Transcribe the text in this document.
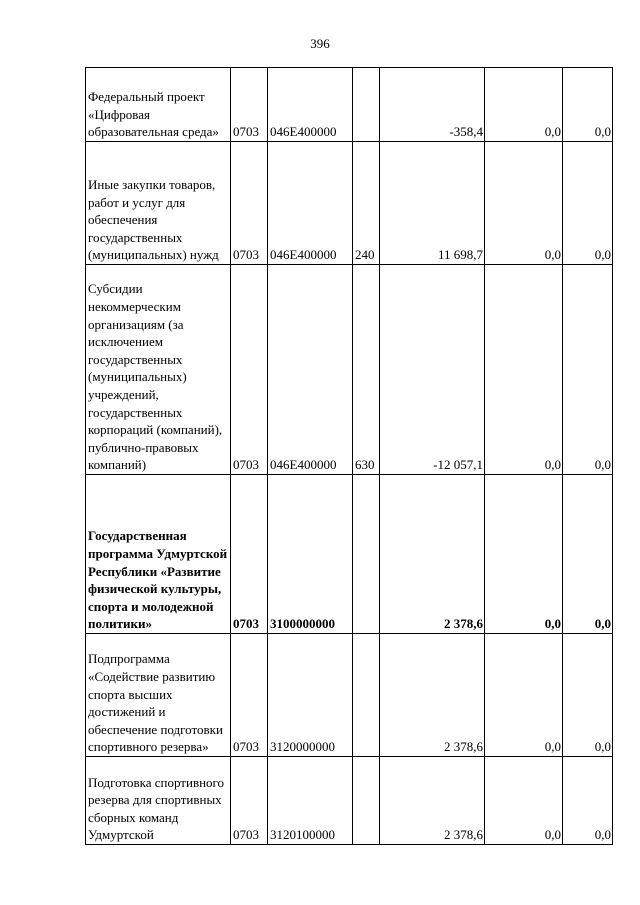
396
Федеральный проект «Цифровая образовательная среда»	0703	046E400000		-358,4	0,0	0,0
Иные закупки товаров, работ и услуг для обеспечения государственных (муниципальных) нужд	0703	046E400000	240	11 698,7	0,0	0,0
Субсидии некоммерческим организациям (за исключением государственных (муниципальных) учреждений, государственных корпораций (компаний), публично-правовых компаний)	0703	046E400000	630	-12 057,1	0,0	0,0
Государственная программа Удмуртской Республики «Развитие физической культуры, спорта и молодежной политики»	0703	3100000000		2 378,6	0,0	0,0
Подпрограмма «Содействие развитию спорта высших достижений и обеспечение подготовки спортивного резерва»	0703	3120000000		2 378,6	0,0	0,0
Подготовка спортивного резерва для спортивных сборных команд Удмуртской	0703	3120100000		2 378,6	0,0	0,0
